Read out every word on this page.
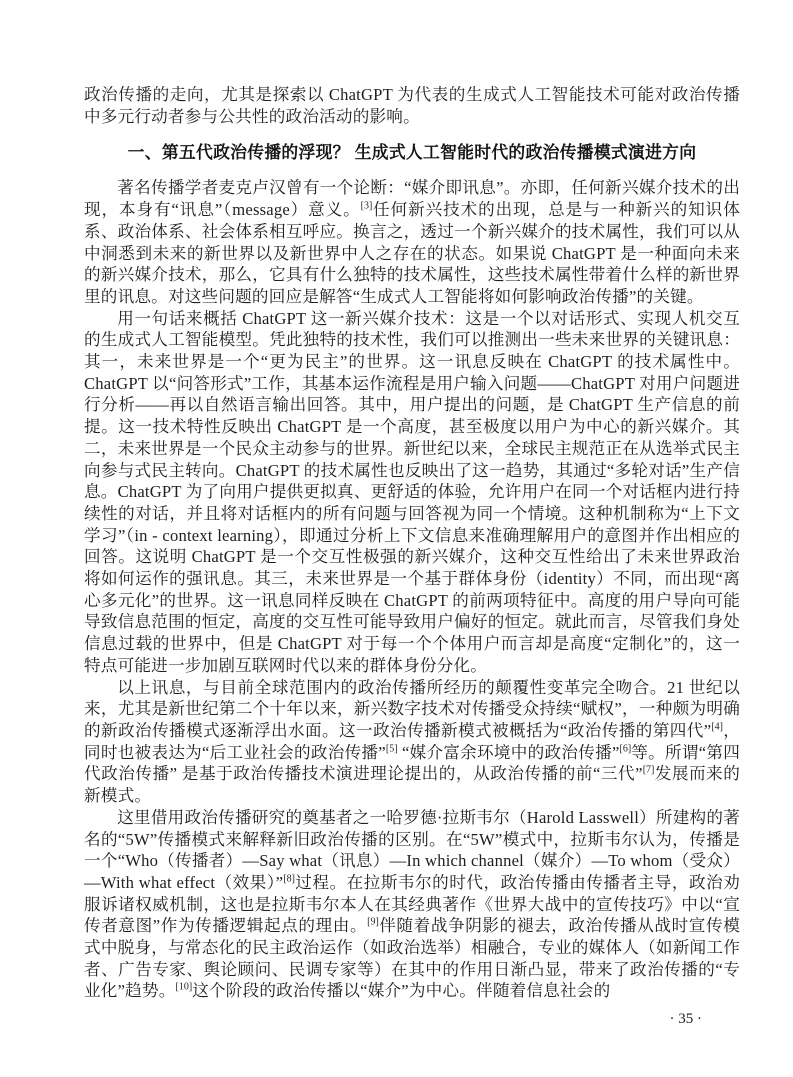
政治传播的走向，尤其是探索以 ChatGPT 为代表的生成式人工智能技术可能对政治传播中多元行动者参与公共性的政治活动的影响。

一、第五代政治传播的浮现？ 生成式人工智能时代的政治传播模式演进方向

著名传播学者麦克卢汉曾有一个论断：“媒介即讯息”。亦即，任何新兴媒介技术的出现，本身有“讯息”（message）意义。[3]任何新兴技术的出现，总是与一种新兴的知识体系、政治体系、社会体系相互呼应。换言之，透过一个新兴媒介的技术属性，我们可以从中洞悉到未来的新世界以及新世界中人之存在的状态。如果说 ChatGPT 是一种面向未来的新兴媒介技术，那么，它具有什么独特的技术属性，这些技术属性带着什么样的新世界里的讯息。对这些问题的回应是解答“生成式人工智能将如何影响政治传播”的关键。

用一句话来概括 ChatGPT 这一新兴媒介技术：这是一个以对话形式、实现人机交互的生成式人工智能模型。凭此独特的技术性，我们可以推测出一些未来世界的关键讯息：其一，未来世界是一个“更为民主”的世界。这一讯息反映在 ChatGPT 的技术属性中。ChatGPT 以“问答形式”工作，其基本运作流程是用户输入问题——ChatGPT 对用户问题进行分析——再以自然语言输出回答。其中，用户提出的问题，是 ChatGPT 生产信息的前提。这一技术特性反映出 ChatGPT 是一个高度，甚至极度以用户为中心的新兴媒介。其二，未来世界是一个民众主动参与的世界。新世纪以来，全球民主规范正在从选举式民主向参与式民主转向。ChatGPT 的技术属性也反映出了这一趋势，其通过“多轮对话”生产信息。ChatGPT 为了向用户提供更拟真、更舒适的体验，允许用户在同一个对话框内进行持续性的对话，并且将对话框内的所有问题与回答视为同一个情境。这种机制称为“上下文学习”（in - context learning），即通过分析上下文信息来准确理解用户的意图并作出相应的回答。这说明 ChatGPT 是一个交互性极强的新兴媒介，这种交互性给出了未来世界政治将如何运作的强讯息。其三，未来世界是一个基于群体身份（identity）不同，而出现“离心多元化”的世界。这一讯息同样反映在 ChatGPT 的前两项特征中。高度的用户导向可能导致信息范围的恒定，高度的交互性可能导致用户偏好的恒定。就此而言，尽管我们身处信息过载的世界中，但是 ChatGPT 对于每一个个体用户而言却是高度“定制化”的，这一特点可能进一步加剧互联网时代以来的群体身份分化。

以上讯息，与目前全球范围内的政治传播所经历的颠覆性变革完全吻合。21 世纪以来，尤其是新世纪第二个十年以来，新兴数字技术对传播受众持续“赋权”，一种颇为明确的新政治传播模式逐渐浮出水面。这一政治传播新模式被概括为“政治传播的第四代”[4]，同时也被表达为“后工业社会的政治传播”[5] “媒介富余环境中的政治传播”[6]等。所谓“第四代政治传播” 是基于政治传播技术演进理论提出的，从政治传播的前“三代”[7]发展而来的新模式。

这里借用政治传播研究的奠基者之一哈罗德·拉斯韦尔（Harold Lasswell）所建构的著名的“5W”传播模式来解释新旧政治传播的区别。在“5W”模式中，拉斯韦尔认为，传播是一个“Who（传播者）—Say what（讯息）—In which channel（媒介）—To whom（受众）—With what effect（效果）”[8]过程。在拉斯韦尔的时代，政治传播由传播者主导，政治劝服诉诸权威机制，这也是拉斯韦尔本人在其经典著作《世界大战中的宣传技巧》中以“宣传者意图”作为传播逻辑起点的理由。[9]伴随着战争阴影的褪去，政治传播从战时宣传模式中脱身，与常态化的民主政治运作（如政治选举）相融合，专业的媒体人（如新闻工作者、广告专家、舆论顾问、民调专家等）在其中的作用日渐凸显，带来了政治传播的“专业化”趋势。[10]这个阶段的政治传播以“媒介”为中心。伴随着信息社会的

· 35 ·
